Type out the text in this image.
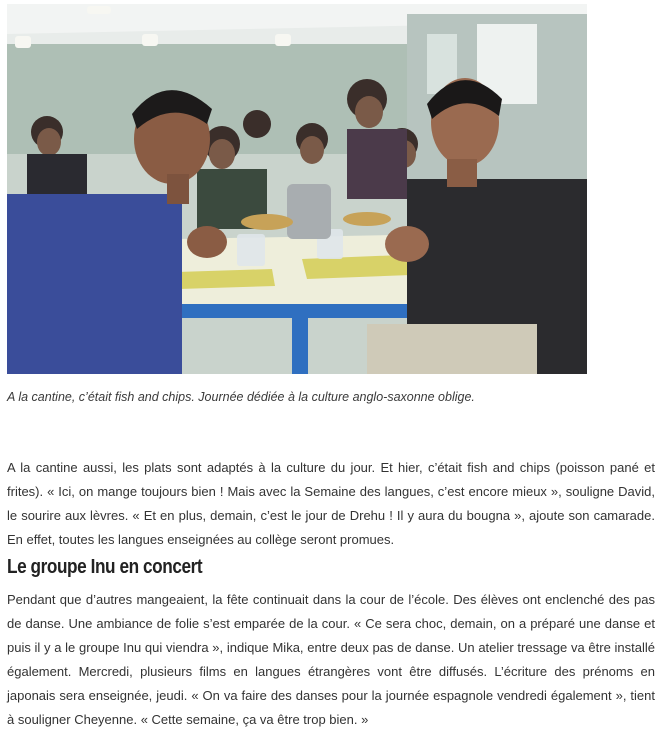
A la cantine, c’était fish and chips. Journée dédiée à la culture anglo-saxonne oblige.

A la cantine aussi, les plats sont adaptés à la culture du jour. Et hier, c’était fish and chips (poisson pané et frites). « Ici, on mange toujours bien ! Mais avec la Semaine des langues, c’est encore mieux », souligne David, le sourire aux lèvres. « Et en plus, demain, c’est le jour de Drehu ! Il y aura du bougna », ajoute son camarade. En effet, toutes les langues enseignées au collège seront promues.

Le groupe Inu en concert

Pendant que d’autres mangeaient, la fête continuait dans la cour de l’école. Des élèves ont enclenché des pas de danse. Une ambiance de folie s’est emparée de la cour. « Ce sera choc, demain, on a préparé une danse et puis il y a le groupe Inu qui viendra », indique Mika, entre deux pas de danse. Un atelier tressage va être installé également. Mercredi, plusieurs films en langues étrangères vont être diffusés. L’écriture des prénoms en japonais sera enseignée, jeudi. « On va faire des danses pour la journée espagnole vendredi également », tient à souligner Cheyenne. « Cette semaine, ça va être trop bien. »
